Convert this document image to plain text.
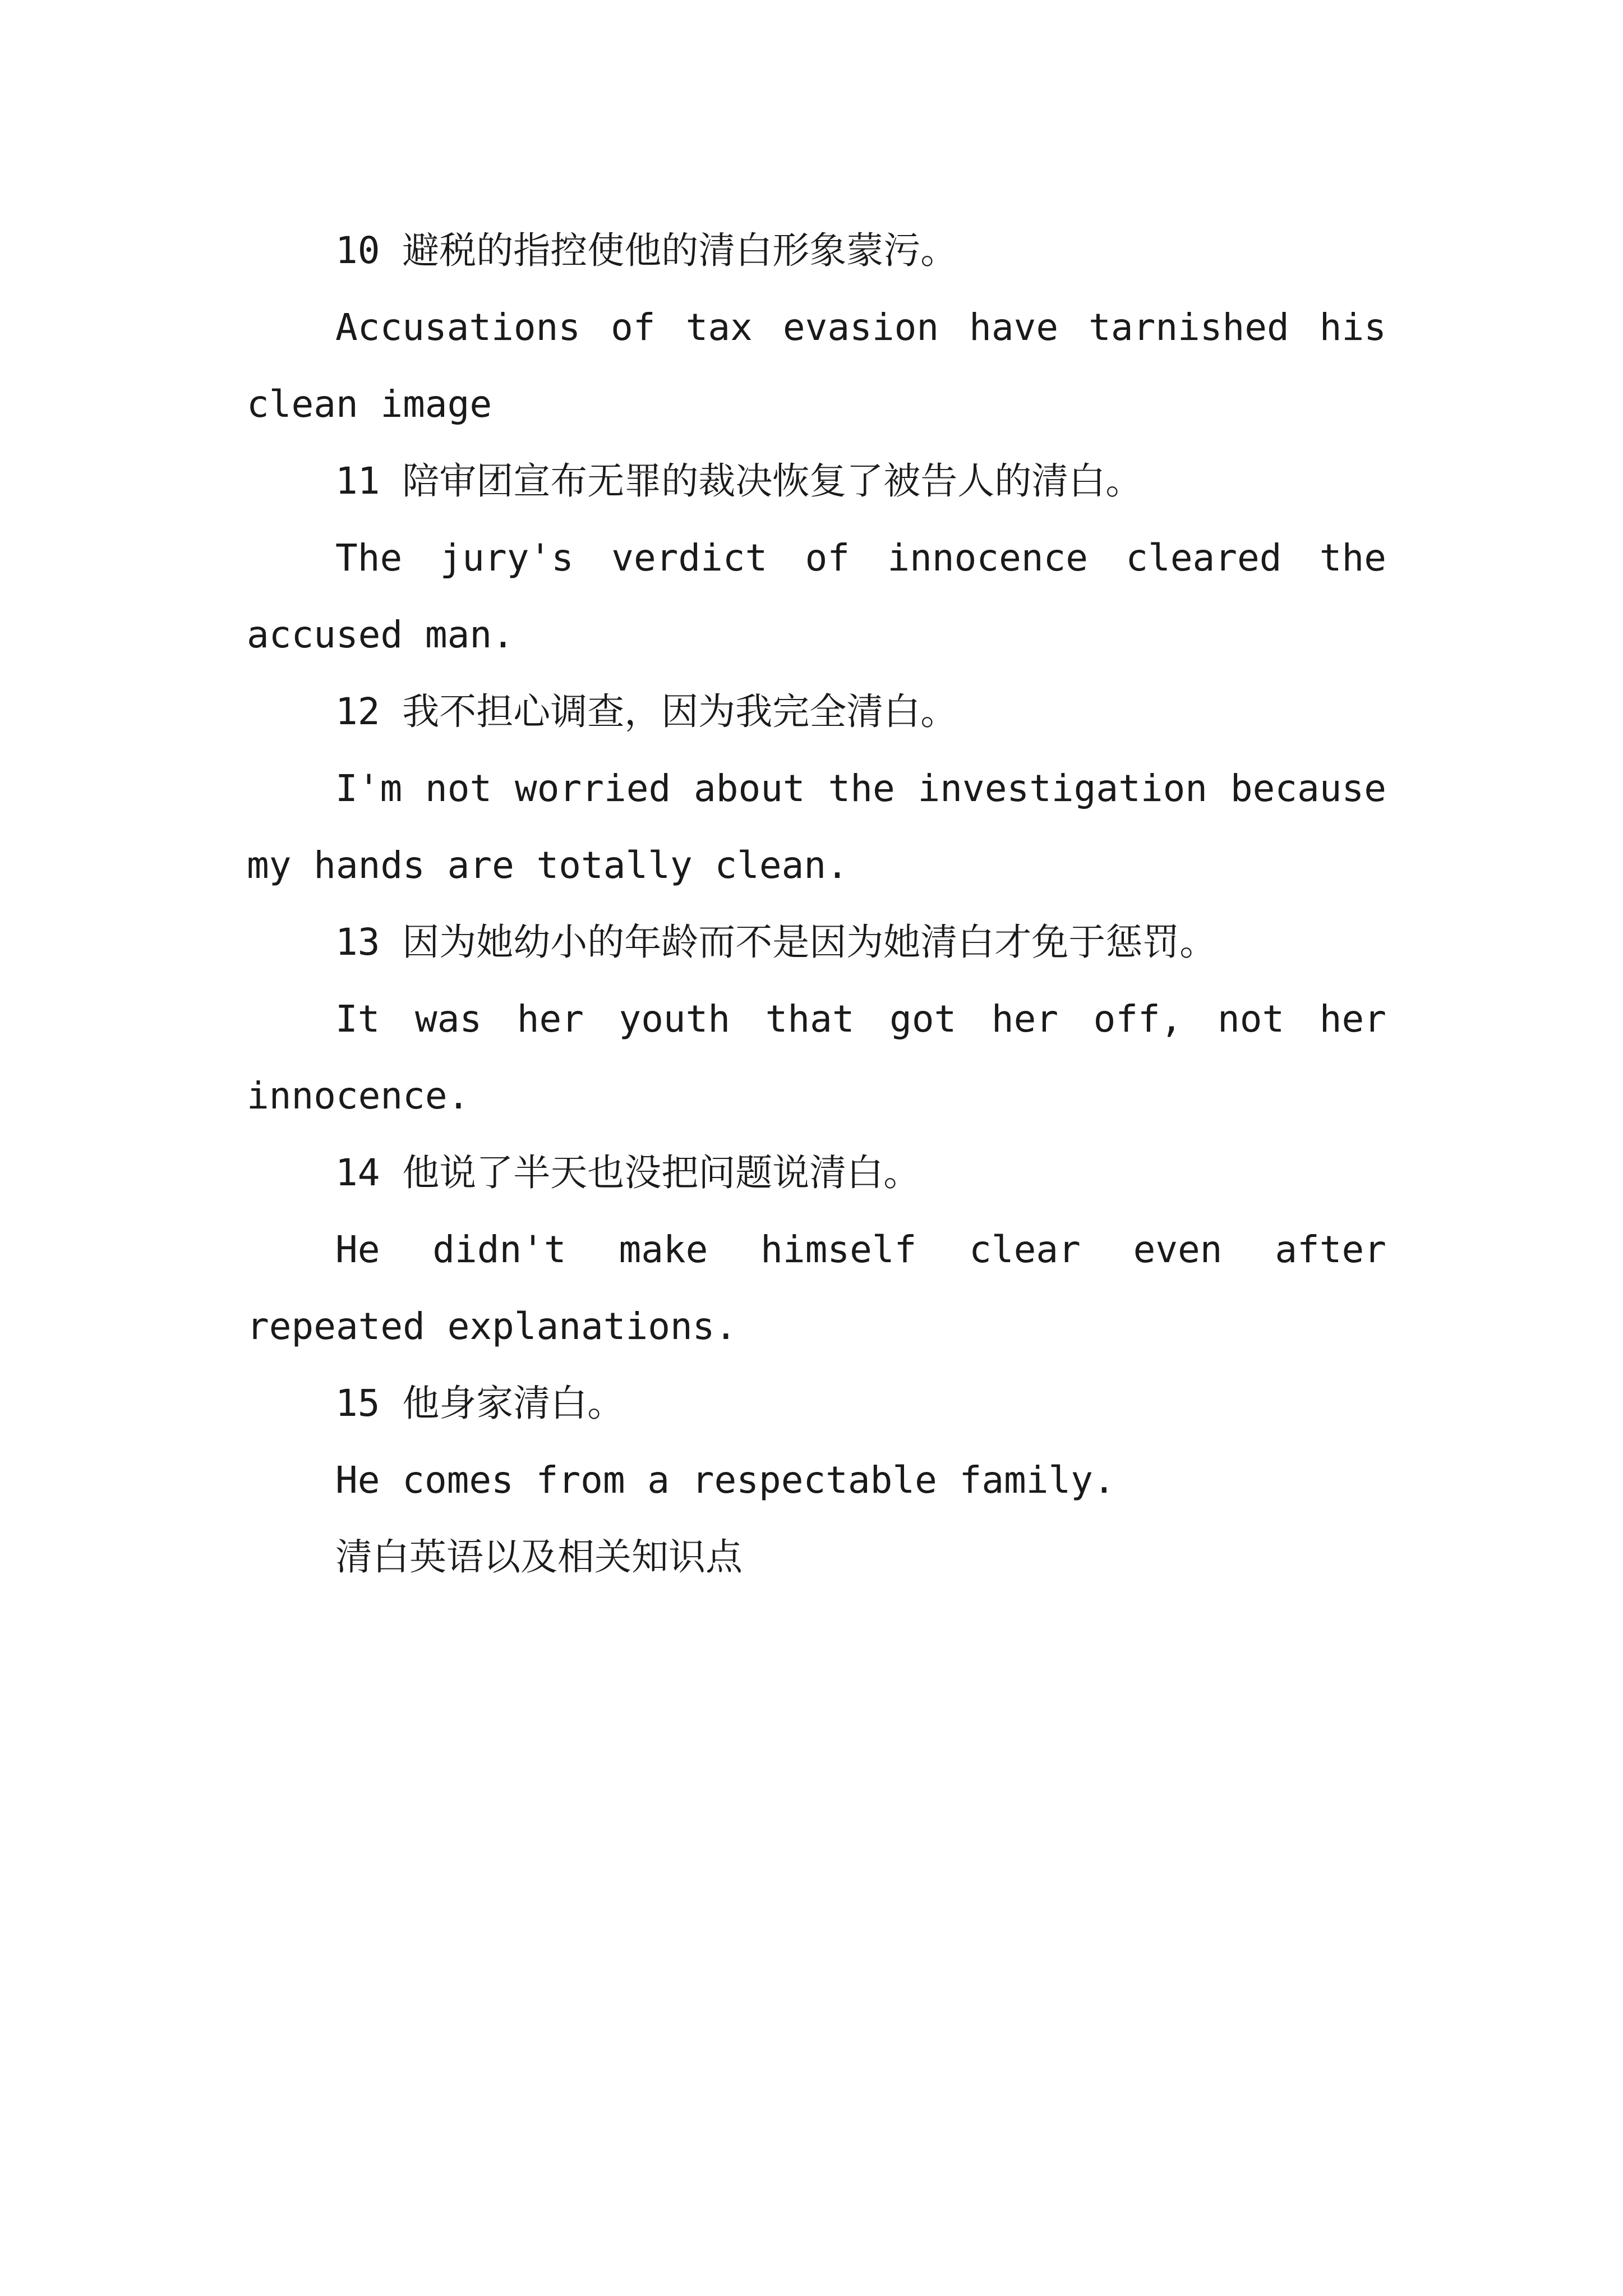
10 避税的指控使他的清白形象蒙污。

Accusations of tax evasion have tarnished his clean image

11 陪审团宣布无罪的裁决恢复了被告人的清白。

The jury's verdict of innocence cleared the accused man.

12 我不担心调查，因为我完全清白。

I'm not worried about the investigation because my hands are totally clean.

13 因为她幼小的年龄而不是因为她清白才免于惩罚。

It was her youth that got her off, not her innocence.

14 他说了半天也没把问题说清白。

He didn't make himself clear even after repeated explanations.

15 他身家清白。

He comes from a respectable family.

清白英语以及相关知识点
